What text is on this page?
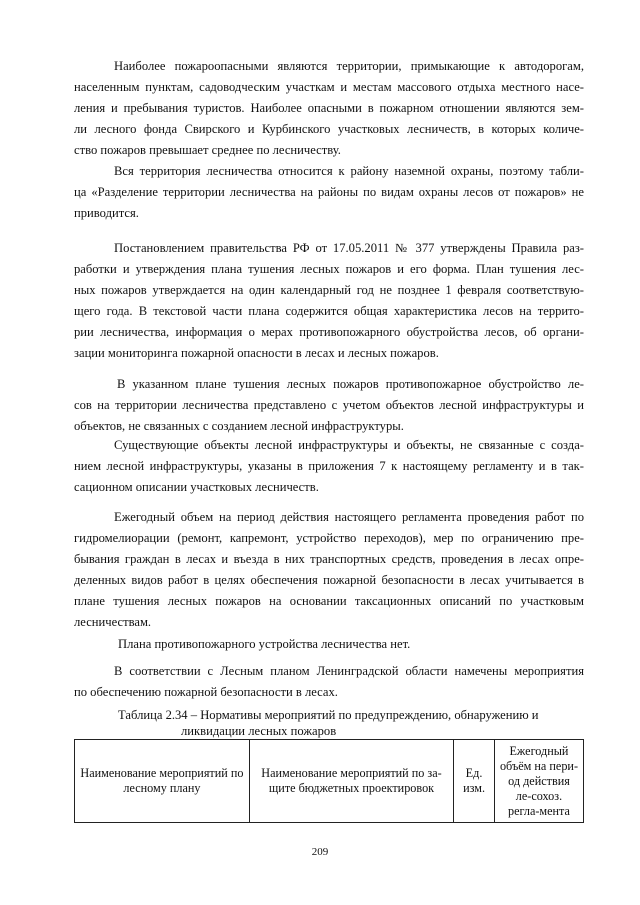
Наиболее пожароопасными являются территории, примыкающие к автодорогам,
населенным пунктам, садоводческим участкам и местам массового отдыха местного насе-
ления и пребывания туристов. Наиболее опасными в пожарном отношении являются зем-
ли лесного фонда Свирского и Курбинского участковых лесничеств, в которых количе-
ство пожаров превышает среднее по лесничеству.
Вся территория лесничества относится к району наземной охраны, поэтому табли-
ца «Разделение территории лесничества на районы по видам охраны лесов от пожаров» не
приводится.
Постановлением правительства РФ от 17.05.2011 № 377 утверждены Правила раз-
работки и утверждения плана тушения лесных пожаров и его форма. План тушения лес-
ных пожаров утверждается на один календарный год не позднее 1 февраля соответствую-
щего года. В текстовой части плана содержится общая характеристика лесов на террито-
рии лесничества, информация о мерах противопожарного обустройства лесов, об органи-
зации мониторинга пожарной опасности в лесах и лесных пожаров.
В указанном плане тушения лесных пожаров противопожарное обустройство ле-
сов на территории лесничества представлено с учетом объектов лесной инфраструктуры и
объектов, не связанных с созданием лесной инфраструктуры.
Существующие объекты лесной инфраструктуры и объекты, не связанные с созда-
нием лесной инфраструктуры, указаны в приложения 7 к настоящему регламенту и в так-
сационном описании участковых лесничеств.
Ежегодный объем на период действия настоящего регламента проведения работ по
гидромелиорации (ремонт, капремонт, устройство переходов), мер по ограничению пре-
бывания граждан в лесах и въезда в них транспортных средств, проведения в лесах опре-
деленных видов работ в целях обеспечения пожарной безопасности в лесах учитывается в
плане тушения лесных пожаров на основании таксационных описаний по участковым
лесничествам.
Плана противопожарного устройства лесничества нет.
В соответствии с Лесным планом Ленинградской области намечены мероприятия
по обеспечению пожарной безопасности в лесах.
Таблица 2.34 – Нормативы мероприятий по предупреждению, обнаружению и
ликвидации лесных пожаров
Наименование мероприятий по лесному плану	Наименование мероприятий по за-щите бюджетных проектировок	Ед. изм.	Ежегодный объём на пери-од действия ле-сохоз. регла-мента
209
